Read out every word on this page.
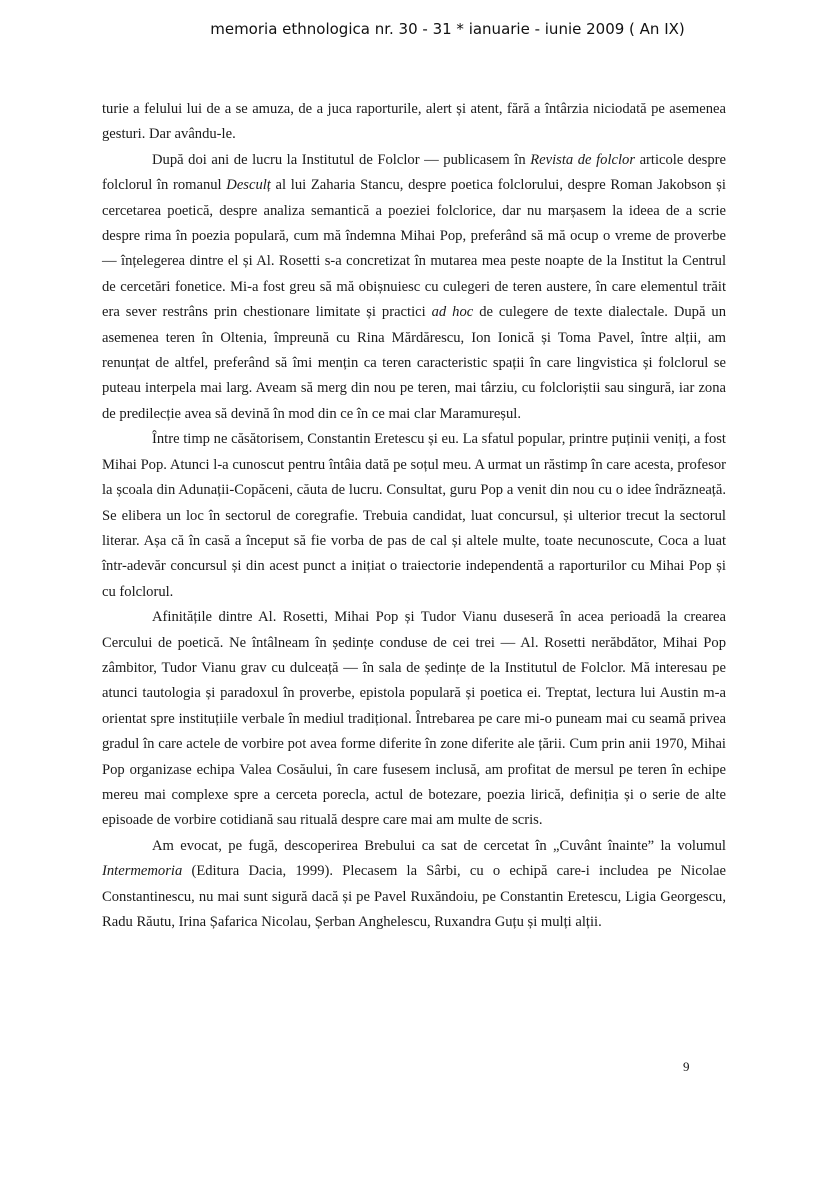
memoria ethnologica nr. 30 - 31 * ianuarie - iunie 2009 ( An IX)

turie a felului lui de a se amuza, de a juca raporturile, alert și atent, fără a întârzia niciodată pe asemenea gesturi. Dar avându-le.

După doi ani de lucru la Institutul de Folclor — publicasem în Revista de folclor articole despre folclorul în romanul Desculț al lui Zaharia Stancu, despre poetica folclorului, despre Roman Jakobson și cercetarea poetică, despre analiza semantică a poeziei folclorice, dar nu marșasem la ideea de a scrie despre rima în poezia populară, cum mă îndemna Mihai Pop, preferând să mă ocup o vreme de proverbe — înțelegerea dintre el și Al. Rosetti s-a concretizat în mutarea mea peste noapte de la Institut la Centrul de cercetări fonetice. Mi-a fost greu să mă obișnuiesc cu culegeri de teren austere, în care elementul trăit era sever restrâns prin chestionare limitate și practici ad hoc de culegere de texte dialectale. După un asemenea teren în Oltenia, împreună cu Rina Mărdărescu, Ion Ionică și Toma Pavel, între alții, am renunțat de altfel, preferând să îmi mențin ca teren caracteristic spații în care lingvistica și folclorul se puteau interpela mai larg. Aveam să merg din nou pe teren, mai târziu, cu folcloriștii sau singură, iar zona de predilecție avea să devină în mod din ce în ce mai clar Maramureșul.

Între timp ne căsătorisem, Constantin Eretescu și eu. La sfatul popular, printre puținii veniți, a fost Mihai Pop. Atunci l-a cunoscut pentru întâia dată pe soțul meu. A urmat un răstimp în care acesta, profesor la școala din Adunații-Copăceni, căuta de lucru. Consultat, guru Pop a venit din nou cu o idee îndrăzneață. Se elibera un loc în sectorul de coregrafie. Trebuia candidat, luat concursul, și ulterior trecut la sectorul literar. Așa că în casă a început să fie vorba de pas de cal și altele multe, toate necunoscute, Coca a luat într-adevăr concursul și din acest punct a inițiat o traiectorie independentă a raporturilor cu Mihai Pop și cu folclorul.

Afinitățile dintre Al. Rosetti, Mihai Pop și Tudor Vianu duseseră în acea perioadă la crearea Cercului de poetică. Ne întâlneam în ședințe conduse de cei trei — Al. Rosetti nerăbdător, Mihai Pop zâmbitor, Tudor Vianu grav cu dulceață — în sala de ședințe de la Institutul de Folclor. Mă interesau pe atunci tautologia și paradoxul în proverbe, epistola populară și poetica ei. Treptat, lectura lui Austin m-a orientat spre instituțiile verbale în mediul tradițional. Întrebarea pe care mi-o puneam mai cu seamă privea gradul în care actele de vorbire pot avea forme diferite în zone diferite ale țării. Cum prin anii 1970, Mihai Pop organizase echipa Valea Cosăului, în care fusesem inclusă, am profitat de mersul pe teren în echipe mereu mai complexe spre a cerceta porecla, actul de botezare, poezia lirică, definiția și o serie de alte episoade de vorbire cotidiană sau rituală despre care mai am multe de scris.

Am evocat, pe fugă, descoperirea Brebului ca sat de cercetat în „Cuvânt înainte” la volumul Intermemoria (Editura Dacia, 1999). Plecasem la Sârbi, cu o echipă care-i includea pe Nicolae Constantinescu, nu mai sunt sigură dacă și pe Pavel Ruxăndoiu, pe Constantin Eretescu, Ligia Georgescu, Radu Răutu, Irina Șafarica Nicolau, Șerban Anghelescu, Ruxandra Guțu și mulți alții.

9
